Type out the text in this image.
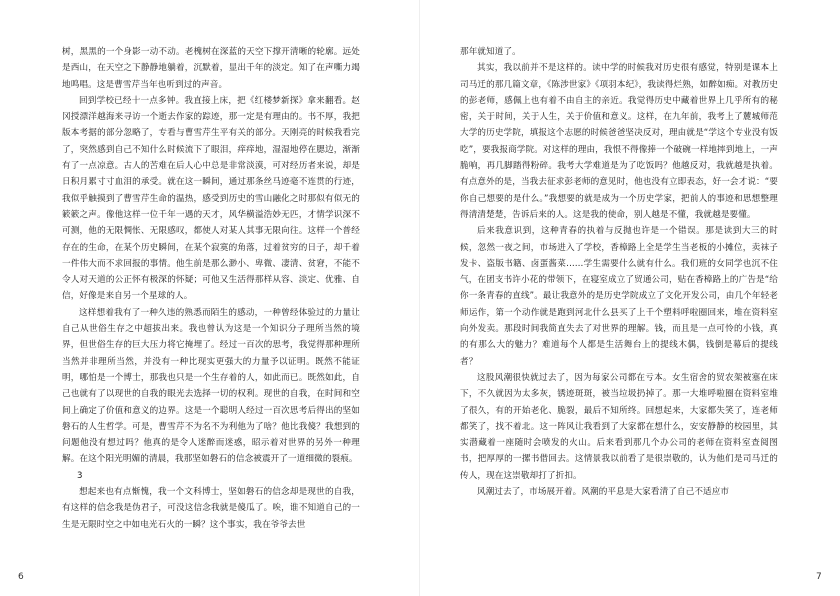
树，黑黑的一个身影一动不动。老槐树在深蓝的天空下撑开清晰的轮廓。远处是西山，在天空之下静静地躺着，沉默着，显出千年的淡定。知了在声嘶力竭地鸣唱。这是曹雪芹当年也听到过的声音。

回到学校已经十一点多钟。我直接上床，把《红楼梦新探》拿来翻看。赵冈授漂洋越海来寻访一个逝去作家的踪迹，那一定是有理由的。书不厚，我把版本考据的部分忽略了，专看与曹雪芹生平有关的部分。天刚亮的时候我看完了，突然感到自己不知什么时候流下了眼泪，痒痒地，湿湿地停在腮边，渐渐有了一点凉意。古人的苦难在后人心中总是非常淡漠，可对经历者来说，却是日积月累寸寸血泪的承受。就在这一瞬间，通过那条丝马迹毫不连贯的行迹，我似乎触摸到了曹雪芹生命的温热，感受到历史的雪山融化之时那似有似无的簌簌之声。像他这样一位千年一遇的天才，风华横溢浩妙无匹，才情学识深不可测，他的无限惆怅、无限感叹，都使人对某人其事无限向往。这样一个普经存在的生命，在某个历史瞬间，在某个寂寞的角落，过着贫穷的日子，却千着一件伟大而不求回报的事情。他生前是那么渺小、卑微、凄清、贫窘，不能不令人对天道的公正怀有极深的怀疑；可他又生活得那样从容、淡定、优雅、自信，好像是来自另一个星球的人。

这样想着我有了一种久违的熟悉而陌生的感动，一种曾经体验过的力量让自己从世俗生存之中超拔出来。我也曾认为这是一个知识分子理所当然的境界，但世俗生存的巨大压力将它掩埋了。经过一百次的思考，我觉得那种理所当然并非理所当然，并没有一种比现实更强大的力量予以证明。既然不能证明，哪怕是一个博士，那我也只是一个生存着的人，如此而已。既然如此，自己也就有了以现世的自我的眼光去选择一切的权利。现世的自我，在时间和空间上确定了价值和意义的边界。这是一个聪明人经过一百次思考后得出的坚如磐石的人生哲学。可是，曹雪芹不为名不为利他为了啥？他比我傻？我想到的问题他没有想过吗？他真的是令人迷醉而迷惑，昭示着对世界的另外一种理解。在这个阳光明媚的清晨，我那坚如磐石的信念被震开了一道细微的裂痕。

3

想起来也有点惭愧，我一个文科博士，坚如磐石的信念却是现世的自我，有这样的信念我是伪君子，可没这信念我就是傻瓜了。唉，谁不知道自己的一生是无限时空之中如电光石火的一瞬？这个事实，我在爷爷去世

6

那年就知道了。

其实，我以前并不是这样的。读中学的时候我对历史很有感觉，特别是课本上司马迁的那几篇文章，《陈涉世家》《项羽本纪》，我读得烂熟，如醉如痴。对教历史的彭老师，感佩上也有着不由自主的亲近。我觉得历史中藏着世界上几乎所有的秘密，关于时间，关于人生，关于价值和意义。这样，在九年前，我考上了麓城师范大学的历史学院，填报这个志愿的时候爸爸坚决反对，理由就是“学这个专业没有饭吃”，要我报商学院。对这样的理由，我恨不得像捧一个破碗一样地摔到地上，一声脆响，再几脚踏得粉碎。我考大学难道是为了吃饭吗？他越反对，我就越是执着。有点意外的是，当我去征求彭老师的意见时，他也没有立即表态，好一会才说：“要你自己想要的是什么。”我想要的就是成为一个历史学家，把前人的事迹和思想整理得清清楚楚，告诉后来的人。这是我的使命，别人越是不懂，我就越是要懂。

后来我意识到，这种青春的执着与反抛也许是一个错误。那是读到大三的时候，忽然一夜之间，市场进入了学校，香樟路上全是学生当老板的小摊位，卖袜子发卡、盗版书籍、卤蛋酱菜……学生需要什么就有什么。我们班的女同学也沉不住气，在团支书许小花的带领下，在寝室成立了贸通公司，贴在香樟路上的广告是“给你一条青春的直线”。最让我意外的是历史学院成立了文化开发公司，由几个年轻老师运作，第一个动作就是跑到河北什么县买了上千个塑料呼啦圈回来，堆在资料室向外发卖。那段时间我简直失去了对世界的理解。钱，而且是一点可怜的小钱，真的有那么大的魅力？难道每个人都是生活舞台上的提线木偶，钱倒是幕后的提线者？

这股风潮很快就过去了，因为每家公司都在亏本。女生宿舍的贸农架被塞在床下，不久就因为太多灰，锈迹斑斑，被当垃圾扔掉了。那一大堆呼啦圈在资料室堆了很久，有的开始老化、脆裂，最后不知所终。回想起来，大家都失笑了，连老师都笑了，找不着北。这一阵风让我看到了大家都在想什么，安安静静的校园里，其实潜藏着一座随时会喷发的火山。后来看到那几个办公司的老师在资料室查阅图书，把厚厚的一摞书借回去。这情景我以前看了是很崇敬的，认为他们是司马迁的传人，现在这崇敬却打了折扣。

风潮过去了，市场展开着。风潮的平息是大家看清了自己不适应市

7
